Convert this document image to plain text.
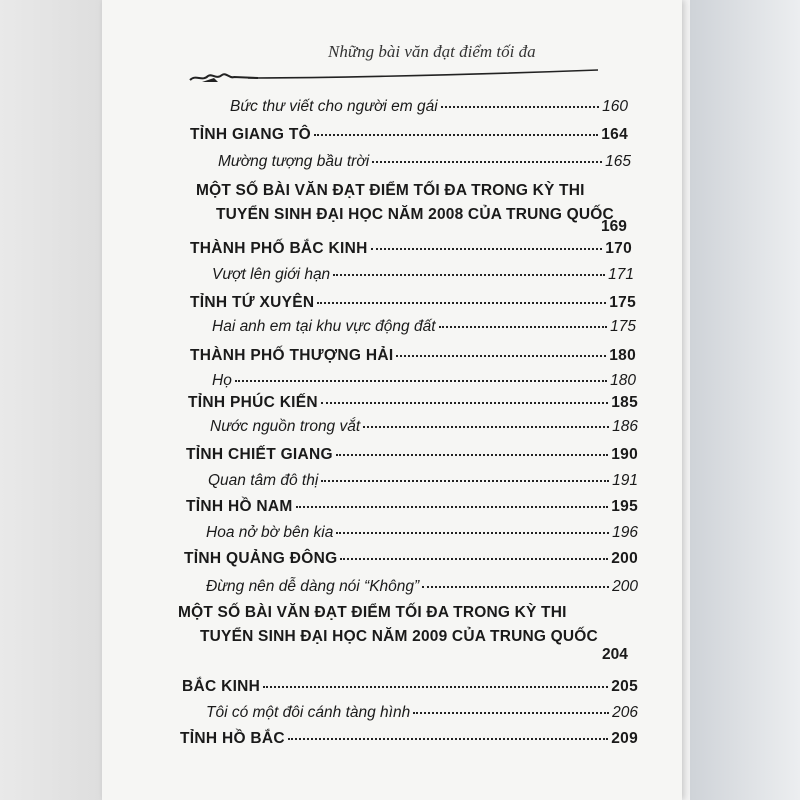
Những bài văn đạt điểm tối đa
Bức thư viết cho người em gái	160
TỈNH GIANG TÔ	164
Mường tượng bầu trời	165
MỘT SỐ BÀI VĂN ĐẠT ĐIỂM TỐI ĐA TRONG KỲ THI
TUYỂN SINH ĐẠI HỌC NĂM 2008 CỦA TRUNG QUỐC
169
THÀNH PHỐ BẮC KINH	170
Vượt lên giới hạn	171
TỈNH TỨ XUYÊN	175
Hai anh em tại khu vực động đất	175
THÀNH PHỐ THƯỢNG HẢI	180
Họ	180
TỈNH PHÚC KIẾN	185
Nước nguồn trong vắt	186
TỈNH CHIẾT GIANG	190
Quan tâm đô thị	191
TỈNH HỒ NAM	195
Hoa nở bờ bên kia	196
TỈNH QUẢNG ĐÔNG	200
Đừng nên dễ dàng nói “Không”	200
MỘT SỐ BÀI VĂN ĐẠT ĐIỂM TỐI ĐA TRONG KỲ THI
TUYỂN SINH ĐẠI HỌC NĂM 2009 CỦA TRUNG QUỐC
204
BẮC KINH	205
Tôi có một đôi cánh tàng hình	206
TỈNH HỒ BẮC	209
